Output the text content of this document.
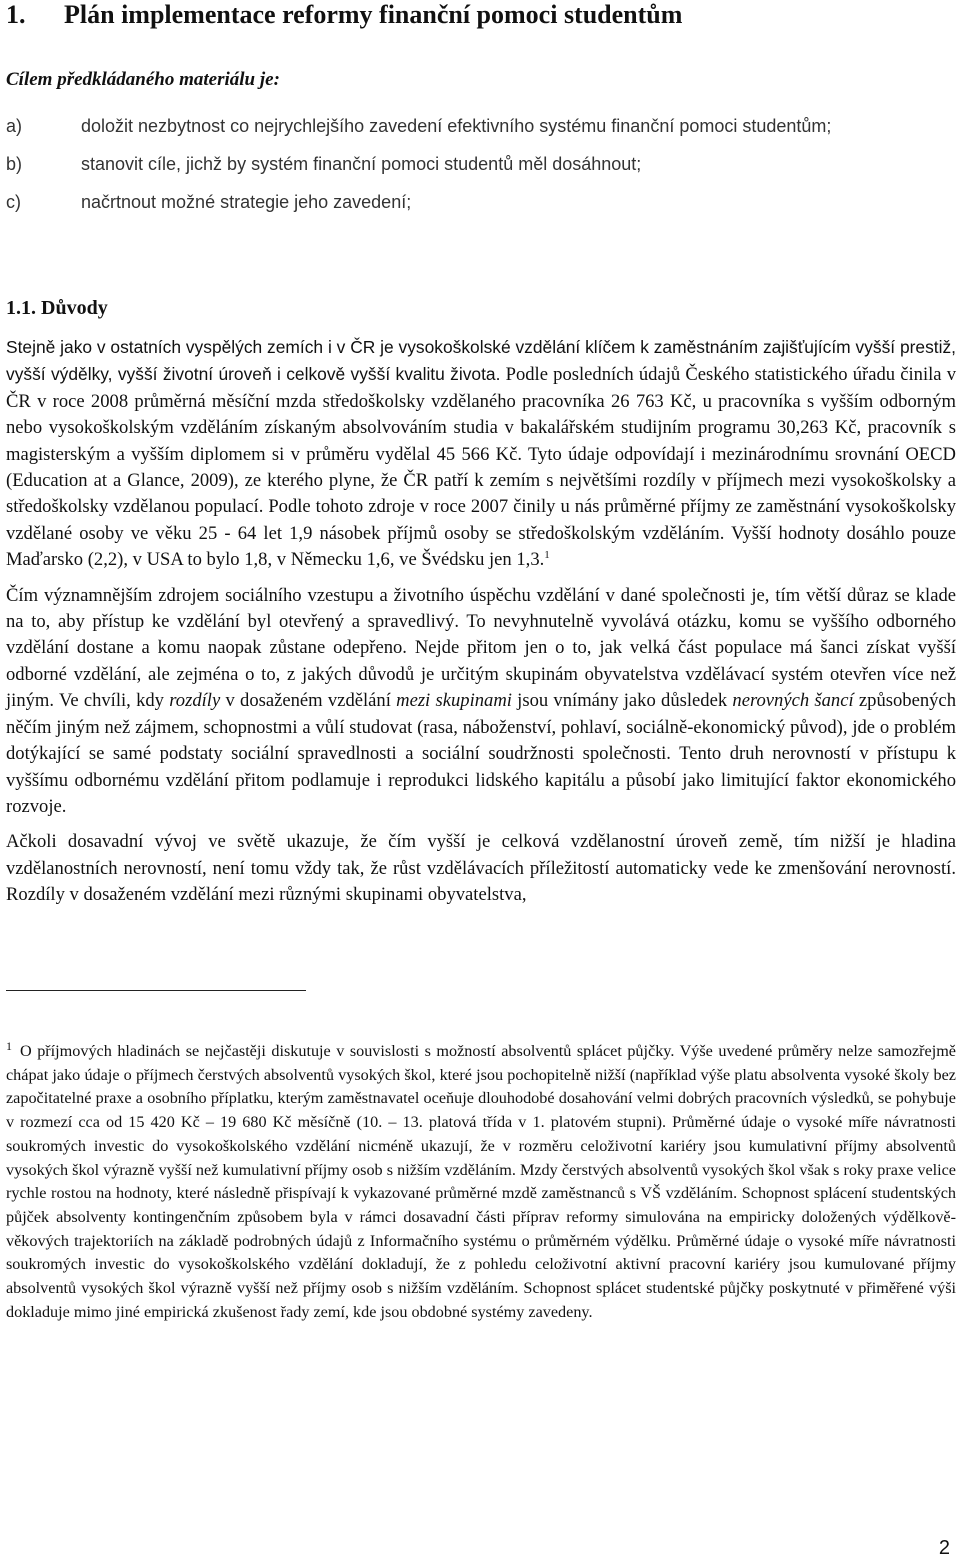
1. Plán implementace reformy finanční pomoci studentům

Cílem předkládaného materiálu je:

a)	doložit nezbytnost co nejrychlejšího zavedení efektivního systému finanční pomoci studentům;
b)	stanovit cíle, jichž by systém finanční pomoci studentů měl dosáhnout;
c)	načrtnout možné strategie jeho zavedení;
1.1. Důvody

Stejně jako v ostatních vyspělých zemích i v ČR je vysokoškolské vzdělání klíčem k zaměstnáním zajišťujícím vyšší prestiž, vyšší výdělky, vyšší životní úroveň i celkově vyšší kvalitu života. Podle posledních údajů Českého statistického úřadu činila v ČR v roce 2008 průměrná měsíční mzda středoškolsky vzdělaného pracovníka 26 763 Kč, u pracovníka s vyšším odborným nebo vysokoškolským vzděláním získaným absolvováním studia v bakalářském studijním programu 30,263 Kč, pracovník s magisterským a vyšším diplomem si v průměru vydělal 45 566 Kč. Tyto údaje odpovídají i mezinárodnímu srovnání OECD (Education at a Glance, 2009), ze kterého plyne, že ČR patří k zemím s největšími rozdíly v příjmech mezi vysokoškolsky a středoškolsky vzdělanou populací. Podle tohoto zdroje v roce 2007 činily u nás průměrné příjmy ze zaměstnání vysokoškolsky vzdělané osoby ve věku 25 - 64 let 1,9 násobek příjmů osoby se středoškolským vzděláním. Vyšší hodnoty dosáhlo pouze Maďarsko (2,2), v USA to bylo 1,8, v Německu 1,6, ve Švédsku jen 1,3.$^1$

Čím významnějším zdrojem sociálního vzestupu a životního úspěchu vzdělání v dané společnosti je, tím větší důraz se klade na to, aby přístup ke vzdělání byl otevřený a spravedlivý. To nevyhnutelně vyvolává otázku, komu se vyššího odborného vzdělání dostane a komu naopak zůstane odepřeno. Nejde přitom jen o to, jak velká část populace má šanci získat vyšší odborné vzdělání, ale zejména o to, z jakých důvodů je určitým skupinám obyvatelstva vzdělávací systém otevřen více než jiným. Ve chvíli, kdy rozdíly v dosaženém vzdělání mezi skupinami jsou vnímány jako důsledek nerovných šancí způsobených něčím jiným než zájmem, schopnostmi a vůlí studovat (rasa, náboženství, pohlaví, sociálně-ekonomický původ), jde o problém dotýkající se samé podstaty sociální spravedlnosti a sociální soudržnosti společnosti. Tento druh nerovností v přístupu k vyššímu odbornému vzdělání přitom podlamuje i reprodukci lidského kapitálu a působí jako limitující faktor ekonomického rozvoje.

Ačkoli dosavadní vývoj ve světě ukazuje, že čím vyšší je celková vzdělanostní úroveň země, tím nižší je hladina vzdělanostních nerovností, není tomu vždy tak, že růst vzdělávacích příležitostí automaticky vede ke zmenšování nerovností. Rozdíly v dosaženém vzdělání mezi různými skupinami obyvatelstva,

$^1$ O příjmových hladinách se nejčastěji diskutuje v souvislosti s možností absolventů splácet půjčky. Výše uvedené průměry nelze samozřejmě chápat jako údaje o příjmech čerstvých absolventů vysokých škol, které jsou pochopitelně nižší (například výše platu absolventa vysoké školy bez započitatelné praxe a osobního příplatku, kterým zaměstnavatel oceňuje dlouhodobé dosahování velmi dobrých pracovních výsledků, se pohybuje v rozmezí cca od 15 420 Kč – 19 680 Kč měsíčně (10. – 13. platová třída v 1. platovém stupni). Průměrné údaje o vysoké míře návratnosti soukromých investic do vysokoškolského vzdělání nicméně ukazují, že v rozměru celoživotní kariéry jsou kumulativní příjmy absolventů vysokých škol výrazně vyšší než kumulativní příjmy osob s nižším vzděláním. Mzdy čerstvých absolventů vysokých škol však s roky praxe velice rychle rostou na hodnoty, které následně přispívají k vykazované průměrné mzdě zaměstnanců s VŠ vzděláním. Schopnost splácení studentských půjček absolventy kontingenčním způsobem byla v rámci dosavadní části příprav reformy simulována na empiricky doložených výdělkově-věkových trajektoriích na základě podrobných údajů z Informačního systému o průměrném výdělku. Průměrné údaje o vysoké míře návratnosti soukromých investic do vysokoškolského vzdělání dokladují, že z pohledu celoživotní aktivní pracovní kariéry jsou kumulované příjmy absolventů vysokých škol výrazně vyšší než příjmy osob s nižším vzděláním. Schopnost splácet studentské půjčky poskytnuté v přiměřené výši dokladuje mimo jiné empirická zkušenost řady zemí, kde jsou obdobné systémy zavedeny.
2
